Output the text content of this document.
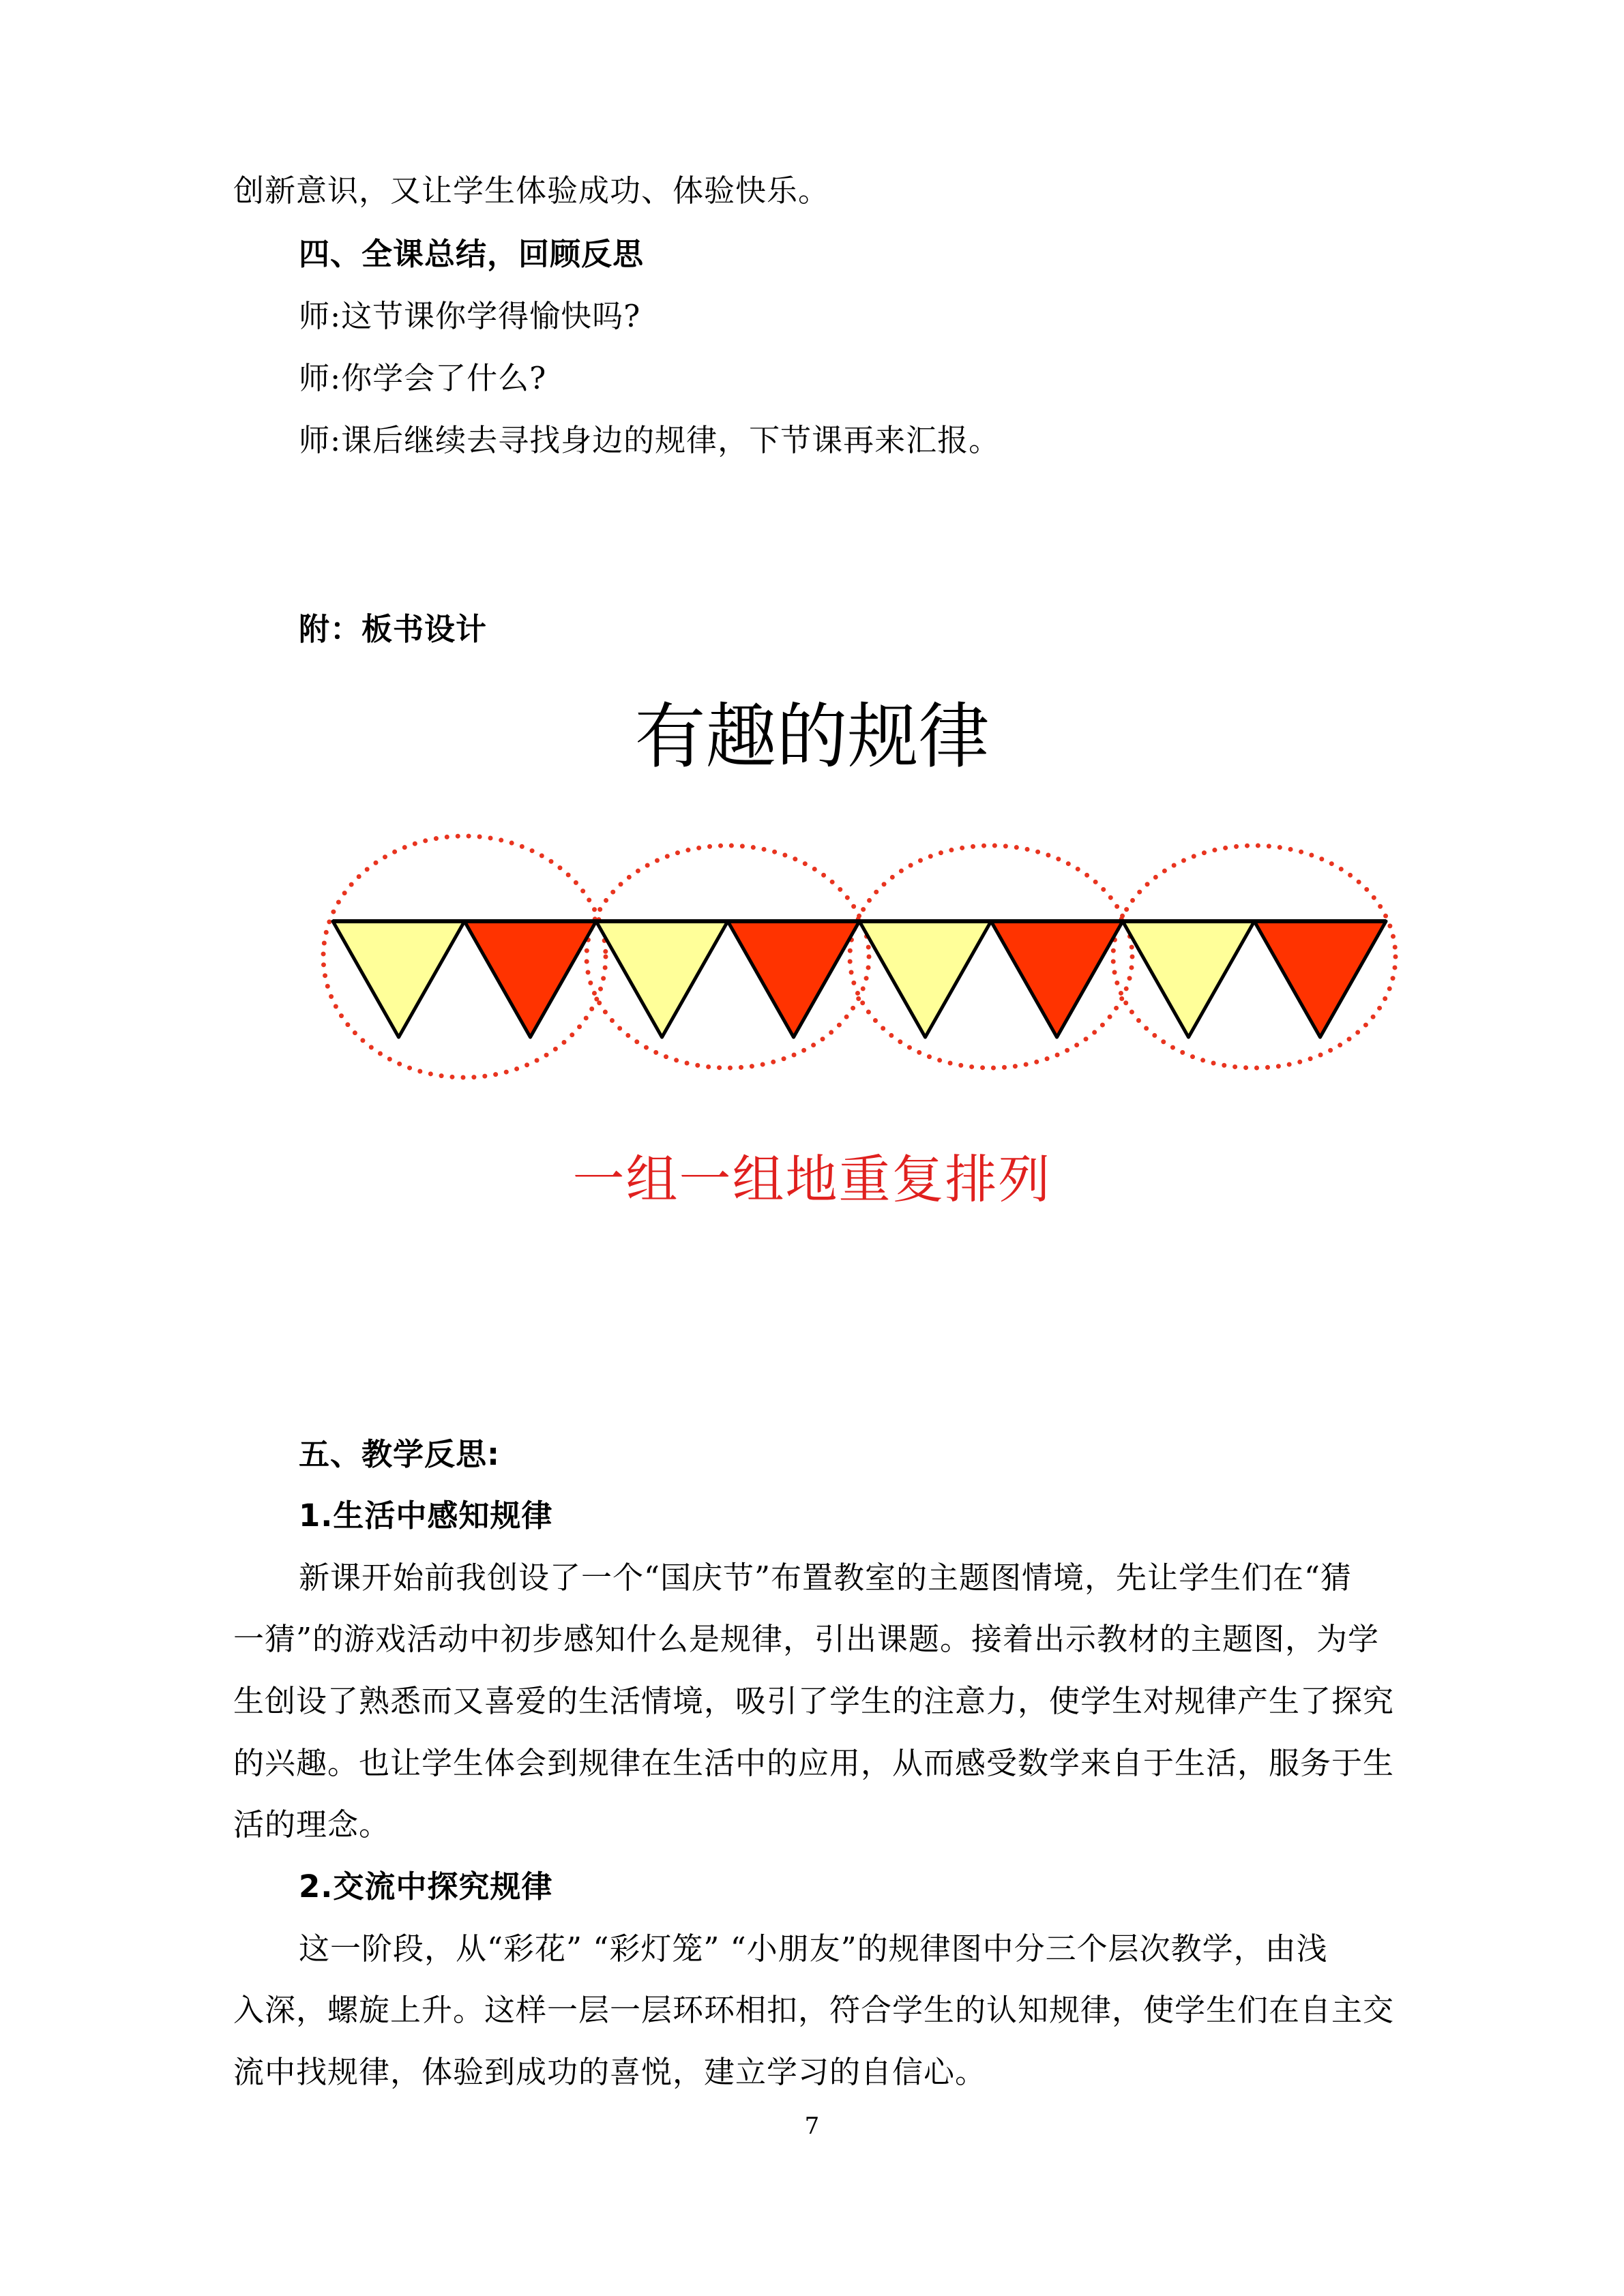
创新意识，又让学生体验成功、体验快乐。
四、全课总结，回顾反思
师:这节课你学得愉快吗?
师:你学会了什么?
师:课后继续去寻找身边的规律，下节课再来汇报。
附：板书设计
有趣的规律
一组一组地重复排列
五、教学反思:
1.生活中感知规律
新课开始前我创设了一个“国庆节”布置教室的主题图情境，先让学生们在“猜
一猜”的游戏活动中初步感知什么是规律，引出课题。接着出示教材的主题图，为学
生创设了熟悉而又喜爱的生活情境，吸引了学生的注意力，使学生对规律产生了探究
的兴趣。也让学生体会到规律在生活中的应用，从而感受数学来自于生活，服务于生
活的理念。
2.交流中探究规律
这一阶段，从“彩花” “彩灯笼” “小朋友”的规律图中分三个层次教学，由浅
入深，螺旋上升。这样一层一层环环相扣，符合学生的认知规律，使学生们在自主交
流中找规律，体验到成功的喜悦，建立学习的自信心。
7
